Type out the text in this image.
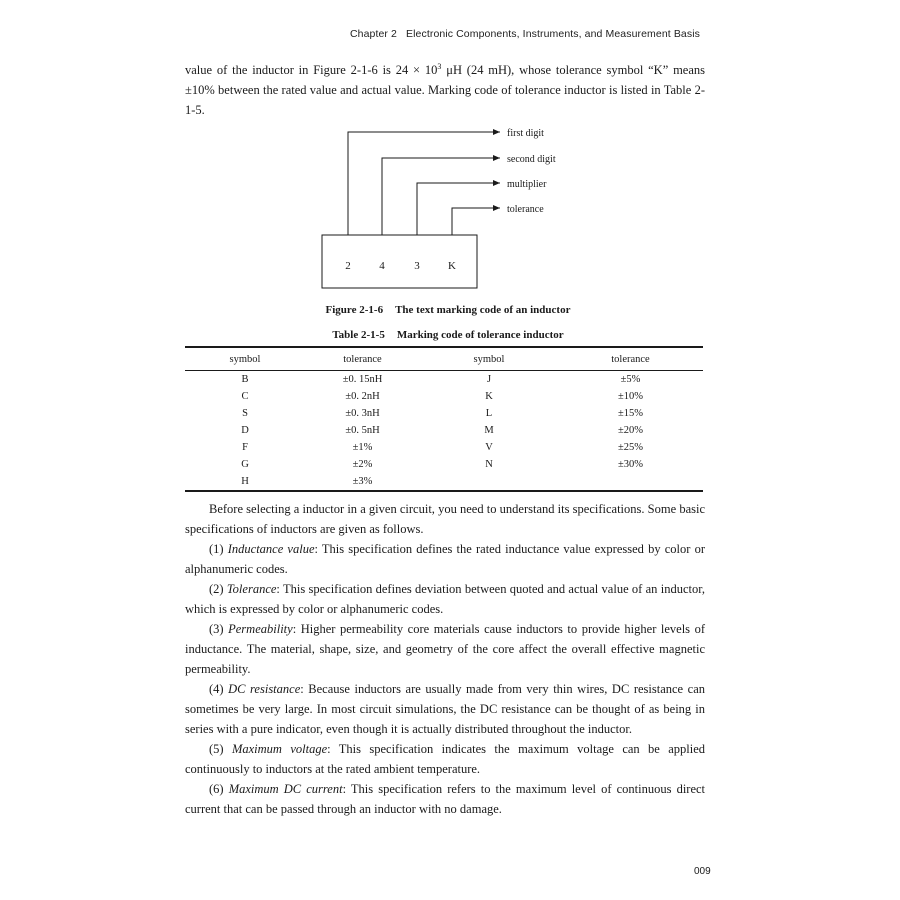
Chapter 2 Electronic Components, Instruments, and Measurement Basis
value of the inductor in Figure 2-1-6 is $24 \times 10^3$ μH (24 mH), whose tolerance symbol “K” means ±10% between the rated value and actual value. Marking code of tolerance inductor is listed in Table 2-1-5.
2	4	3	K
first digit
second digit
multiplier
tolerance
Figure 2-1-6 The text marking code of an inductor
Table 2-1-5 Marking code of tolerance inductor
symbol	tolerance	symbol	tolerance
B	±0. 15nH	J	±5%
C	±0. 2nH	K	±10%
S	±0. 3nH	L	±15%
D	±0. 5nH	M	±20%
F	±1%	V	±25%
G	±2%	N	±30%
H	±3%		

Before selecting a inductor in a given circuit, you need to understand its specifications. Some basic specifications of inductors are given as follows.

(1) Inductance value: This specification defines the rated inductance value expressed by color or alphanumeric codes.

(2) Tolerance: This specification defines deviation between quoted and actual value of an inductor, which is expressed by color or alphanumeric codes.

(3) Permeability: Higher permeability core materials cause inductors to provide higher levels of inductance. The material, shape, size, and geometry of the core affect the overall effective magnetic permeability.

(4) DC resistance: Because inductors are usually made from very thin wires, DC resistance can sometimes be very large. In most circuit simulations, the DC resistance can be thought of as being in series with a pure indicator, even though it is actually distributed throughout the inductor.

(5) Maximum voltage: This specification indicates the maximum voltage can be applied continuously to inductors at the rated ambient temperature.

(6) Maximum DC current: This specification refers to the maximum level of continuous direct current that can be passed through an inductor with no damage.

009
